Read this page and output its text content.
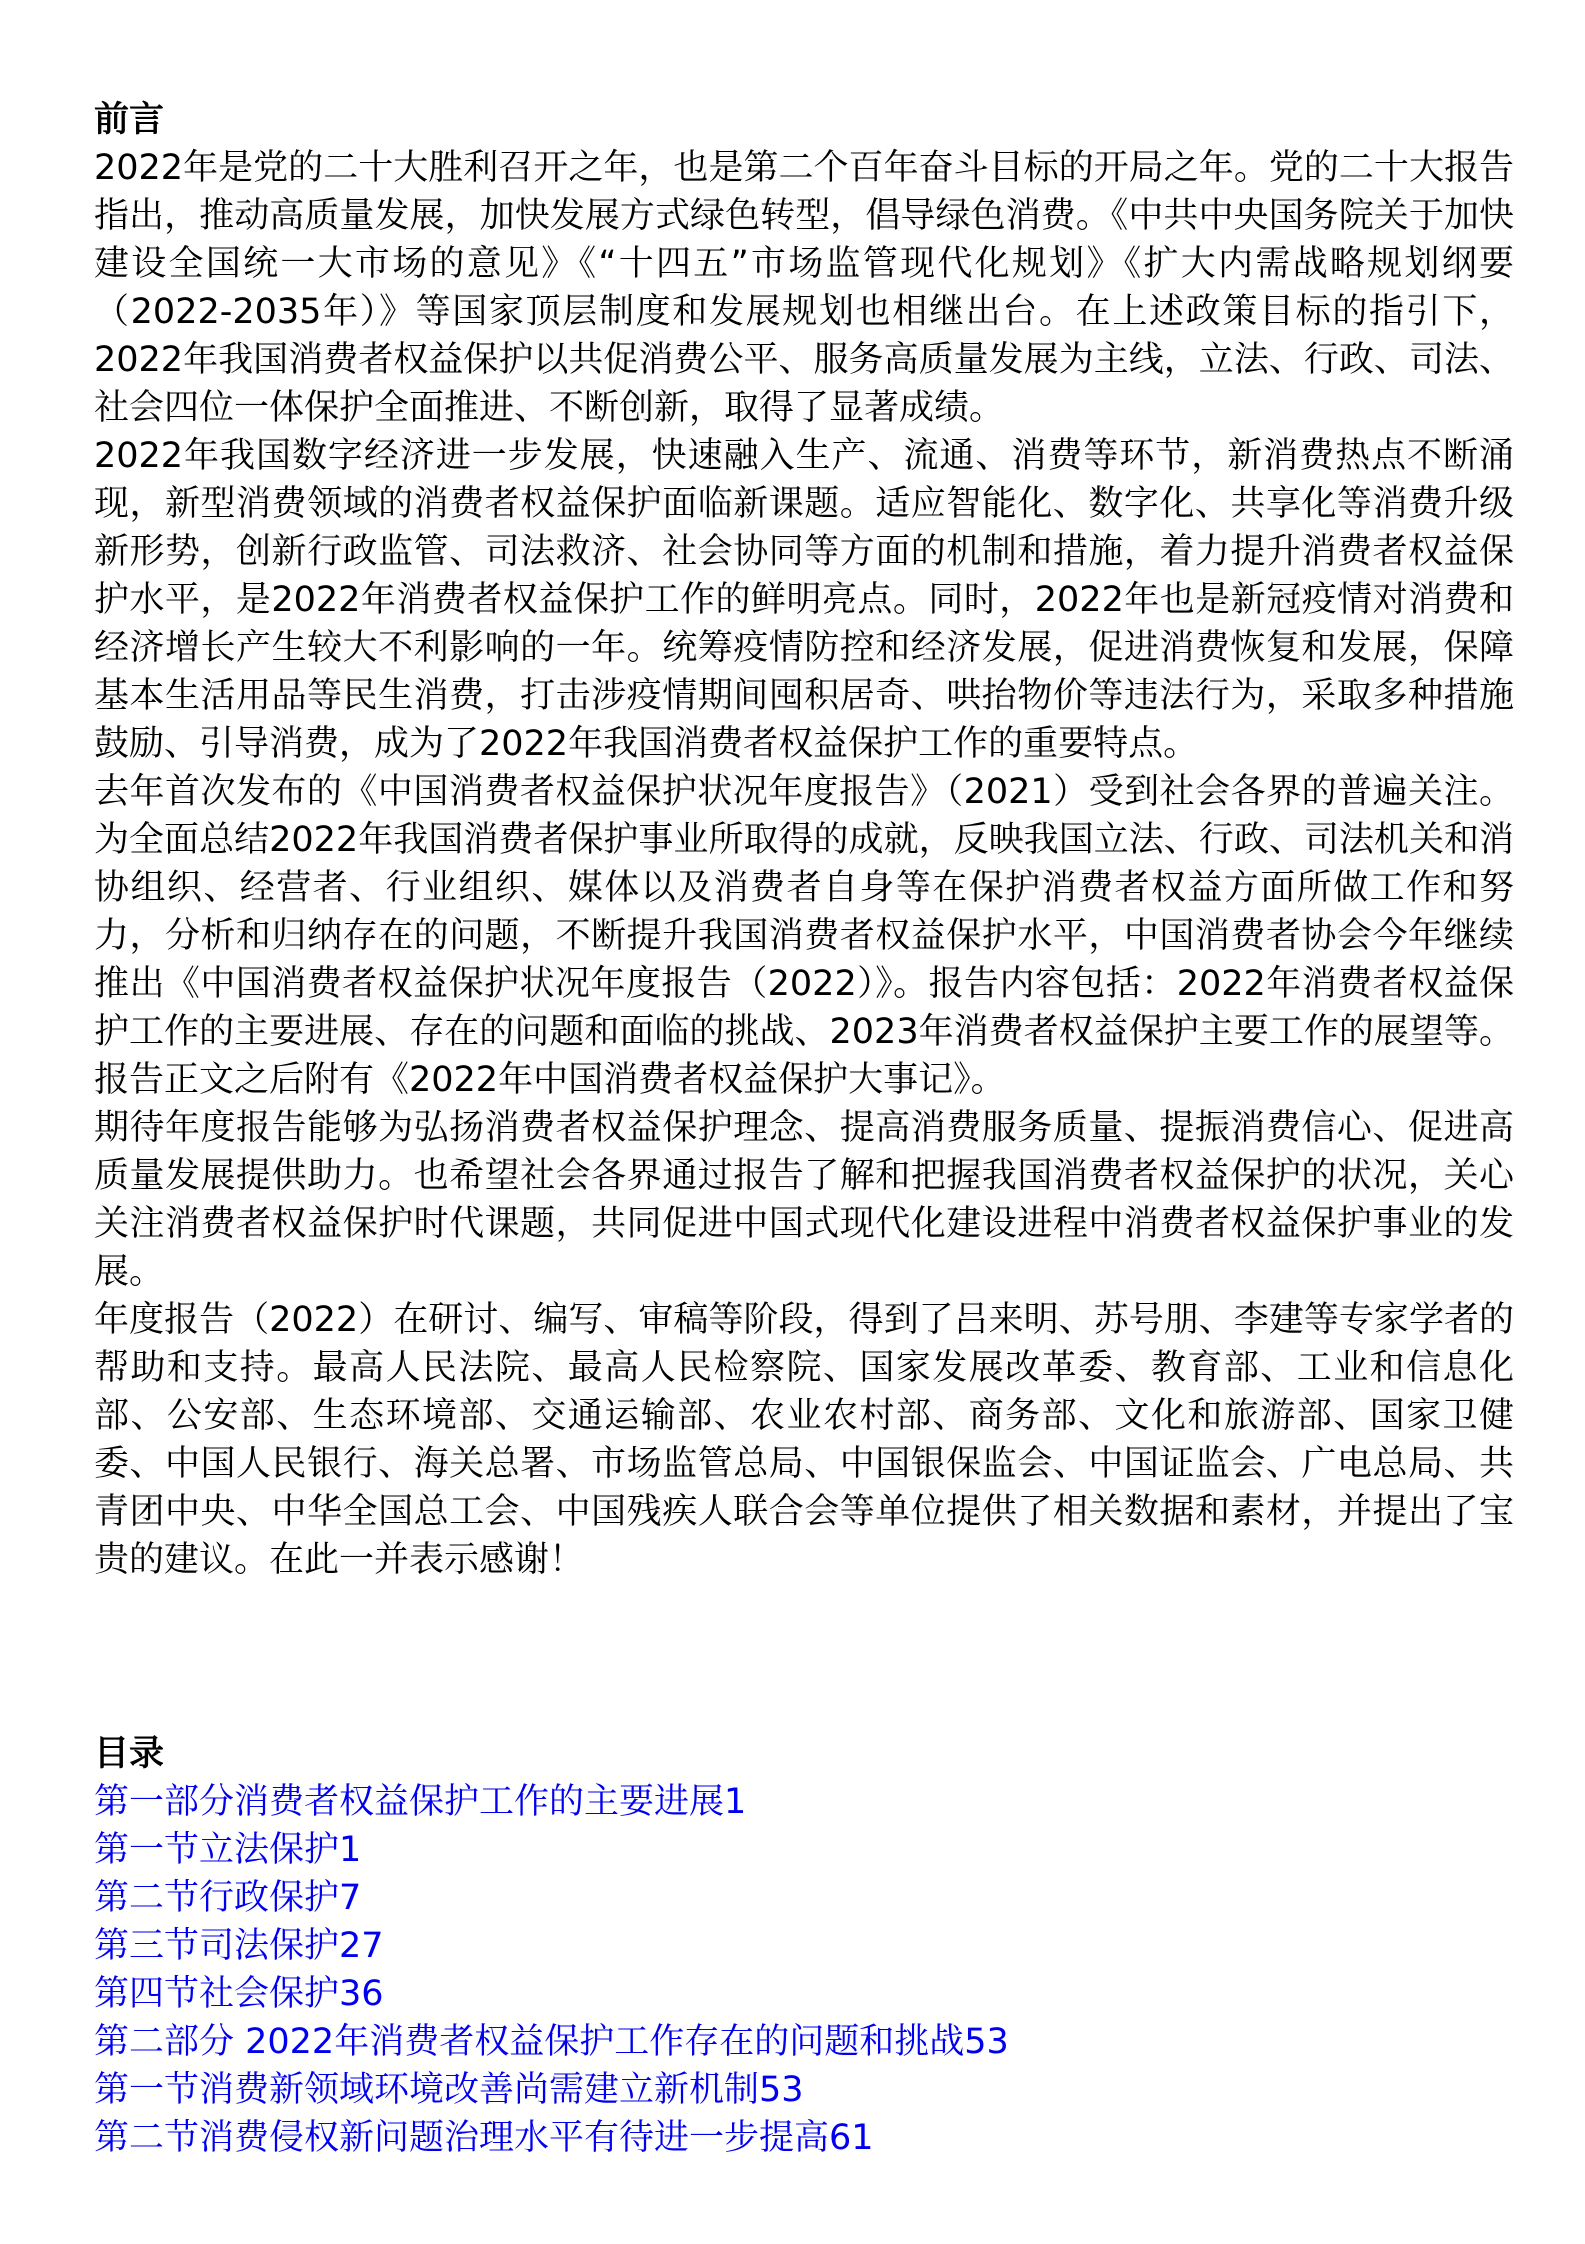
前言

2022年是党的二十大胜利召开之年，也是第二个百年奋斗目标的开局之年。党的二十大报告指出，推动高质量发展，加快发展方式绿色转型，倡导绿色消费。《中共中央国务院关于加快建设全国统一大市场的意见》《“十四五”市场监管现代化规划》《扩大内需战略规划纲要（2022-2035年）》等国家顶层制度和发展规划也相继出台。在上述政策目标的指引下，2022年我国消费者权益保护以共促消费公平、服务高质量发展为主线，立法、行政、司法、社会四位一体保护全面推进、不断创新，取得了显著成绩。

2022年我国数字经济进一步发展，快速融入生产、流通、消费等环节，新消费热点不断涌现，新型消费领域的消费者权益保护面临新课题。适应智能化、数字化、共享化等消费升级新形势，创新行政监管、司法救济、社会协同等方面的机制和措施，着力提升消费者权益保护水平，是2022年消费者权益保护工作的鲜明亮点。同时，2022年也是新冠疫情对消费和经济增长产生较大不利影响的一年。统筹疫情防控和经济发展，促进消费恢复和发展，保障基本生活用品等民生消费，打击涉疫情期间囤积居奇、哄抬物价等违法行为，采取多种措施鼓励、引导消费，成为了2022年我国消费者权益保护工作的重要特点。

去年首次发布的《中国消费者权益保护状况年度报告》（2021）受到社会各界的普遍关注。为全面总结2022年我国消费者保护事业所取得的成就，反映我国立法、行政、司法机关和消协组织、经营者、行业组织、媒体以及消费者自身等在保护消费者权益方面所做工作和努力，分析和归纳存在的问题，不断提升我国消费者权益保护水平，中国消费者协会今年继续推出《中国消费者权益保护状况年度报告（2022）》。报告内容包括：2022年消费者权益保护工作的主要进展、存在的问题和面临的挑战、2023年消费者权益保护主要工作的展望等。报告正文之后附有《2022年中国消费者权益保护大事记》。

期待年度报告能够为弘扬消费者权益保护理念、提高消费服务质量、提振消费信心、促进高质量发展提供助力。也希望社会各界通过报告了解和把握我国消费者权益保护的状况，关心关注消费者权益保护时代课题，共同促进中国式现代化建设进程中消费者权益保护事业的发展。

年度报告（2022）在研讨、编写、审稿等阶段，得到了吕来明、苏号朋、李建等专家学者的帮助和支持。最高人民法院、最高人民检察院、国家发展改革委、教育部、工业和信息化部、公安部、生态环境部、交通运输部、农业农村部、商务部、文化和旅游部、国家卫健委、中国人民银行、海关总署、市场监管总局、中国银保监会、中国证监会、广电总局、共青团中央、中华全国总工会、中国残疾人联合会等单位提供了相关数据和素材，并提出了宝贵的建议。在此一并表示感谢！

目录
第一部分消费者权益保护工作的主要进展1
第一节立法保护1
第二节行政保护7
第三节司法保护27
第四节社会保护36
第二部分 2022年消费者权益保护工作存在的问题和挑战53
第一节消费新领域环境改善尚需建立新机制53
第二节消费侵权新问题治理水平有待进一步提高61
